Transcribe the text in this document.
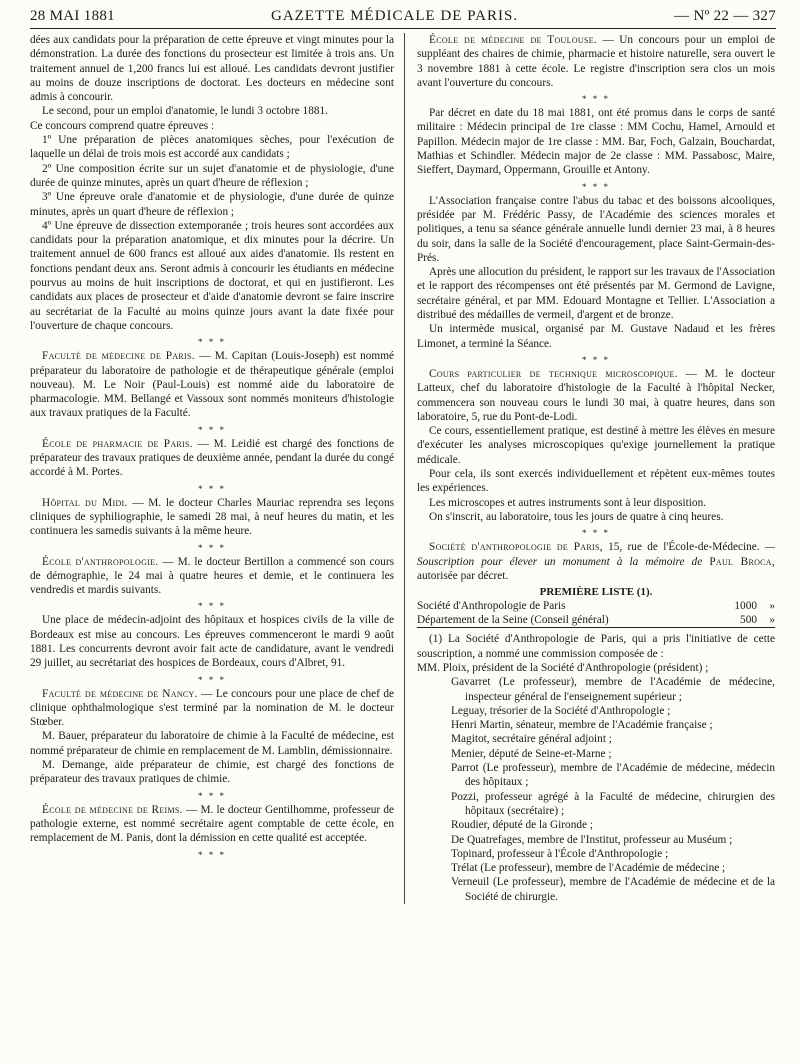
28 MAI 1881	GAZETTE MÉDICALE DE PARIS.	— Nº 22 — 327

dées aux candidats pour la préparation de cette épreuve et vingt minutes pour la démonstration. La durée des fonctions du prosecteur est limitée à trois ans. Un traitement annuel de 1,200 francs lui est alloué. Les candidats devront justifier au moins de douze inscriptions de doctorat. Les docteurs en médecine sont admis à concourir.

Le second, pour un emploi d'anatomie, le lundi 3 octobre 1881.

Ce concours comprend quatre épreuves :

1º Une préparation de pièces anatomiques sèches, pour l'exécution de laquelle un délai de trois mois est accordé aux candidats ;

2º Une composition écrite sur un sujet d'anatomie et de physiologie, d'une durée de quinze minutes, après un quart d'heure de réflexion ;

3º Une épreuve orale d'anatomie et de physiologie, d'une durée de quinze minutes, après un quart d'heure de réflexion ;

4º Une épreuve de dissection extemporanée ; trois heures sont accordées aux candidats pour la préparation anatomique, et dix minutes pour la décrire. Un traitement annuel de 600 francs est alloué aux aides d'anatomie. Ils restent en fonctions pendant deux ans. Seront admis à concourir les étudiants en médecine pourvus au moins de huit inscriptions de doctorat, et qui en justifieront. Les candidats aux places de prosecteur et d'aide d'anatomie devront se faire inscrire au secrétariat de la Faculté au moins quinze jours avant la date fixée pour l'ouverture de chaque concours.

* * *

Faculté de médecine de Paris. — M. Capitan (Louis-Joseph) est nommé préparateur du laboratoire de pathologie et de thérapeutique générale (emploi nouveau). M. Le Noir (Paul-Louis) est nommé aide du laboratoire de pharmacologie. MM. Bellangé et Vassoux sont nommés moniteurs d'histologie aux travaux pratiques de la Faculté.

* * *

École de pharmacie de Paris. — M. Leidié est chargé des fonctions de préparateur des travaux pratiques de deuxième année, pendant la durée du congé accordé à M. Portes.

* * *

Hôpital du Midi. — M. le docteur Charles Mauriac reprendra ses leçons cliniques de syphiliographie, le samedi 28 mai, à neuf heures du matin, et les continuera les samedis suivants à la même heure.

* * *

École d'anthropologie. — M. le docteur Bertillon a commencé son cours de démographie, le 24 mai à quatre heures et demie, et le continuera les vendredis et mardis suivants.

* * *

Une place de médecin-adjoint des hôpitaux et hospices civils de la ville de Bordeaux est mise au concours. Les épreuves commenceront le mardi 9 août 1881. Les concurrents devront avoir fait acte de candidature, avant le vendredi 29 juillet, au secrétariat des hospices de Bordeaux, cours d'Albret, 91.

* * *

Faculté de médecine de Nancy. — Le concours pour une place de chef de clinique ophthalmologique s'est terminé par la nomination de M. le docteur Stœber.

M. Bauer, préparateur du laboratoire de chimie à la Faculté de médecine, est nommé préparateur de chimie en remplacement de M. Lamblin, démissionnaire.

M. Demange, aide préparateur de chimie, est chargé des fonctions de préparateur des travaux pratiques de chimie.

* * *

École de médecine de Reims. — M. le docteur Gentilhomme, professeur de pathologie externe, est nommé secrétaire agent comptable de cette école, en remplacement de M. Panis, dont la démission en cette qualité est acceptée.

* * *

École de médecine de Toulouse. — Un concours pour un emploi de suppléant des chaires de chimie, pharmacie et histoire naturelle, sera ouvert le 3 novembre 1881 à cette école. Le registre d'inscription sera clos un mois avant l'ouverture du concours.

* * *

Par décret en date du 18 mai 1881, ont été promus dans le corps de santé militaire : Médecin principal de 1re classe : MM Cochu, Hamel, Arnould et Papillon. Médecin major de 1re classe : MM. Bar, Foch, Galzain, Bouchardat, Mathias et Schindler. Médecin major de 2e classe : MM. Passabosc, Maire, Sieffert, Daymard, Oppermann, Grouille et Antony.

* * *

L'Association française contre l'abus du tabac et des boissons alcooliques, présidée par M. Frédéric Passy, de l'Académie des sciences morales et politiques, a tenu sa séance générale annuelle lundi dernier 23 mai, à 8 heures du soir, dans la salle de la Société d'encouragement, place Saint-Germain-des-Prés.

Après une allocution du président, le rapport sur les travaux de l'Association et le rapport des récompenses ont été présentés par M. Germond de Lavigne, secrétaire général, et par MM. Edouard Montagne et Tellier. L'Association a distribué des médailles de vermeil, d'argent et de bronze.

Un intermède musical, organisé par M. Gustave Nadaud et les frères Limonet, a terminé la Séance.

* * *

Cours particulier de technique microscopique. — M. le docteur Latteux, chef du laboratoire d'histologie de la Faculté à l'hôpital Necker, commencera son nouveau cours le lundi 30 mai, à quatre heures, dans son laboratoire, 5, rue du Pont-de-Lodi.

Ce cours, essentiellement pratique, est destiné à mettre les élèves en mesure d'exécuter les analyses microscopiques qu'exige journellement la pratique médicale.

Pour cela, ils sont exercés individuellement et répètent eux-mêmes toutes les expériences.

Les microscopes et autres instruments sont à leur disposition.

On s'inscrit, au laboratoire, tous les jours de quatre à cinq heures.

* * *

Société d'anthropologie de Paris, 15, rue de l'École-de-Médecine. — Souscription pour élever un monument à la mémoire de Paul Broca, autorisée par décret.

PREMIÈRE LISTE (1).
Société d'Anthropologie de Paris	1000	»
Département de la Seine (Conseil général)	500	»

(1) La Société d'Anthropologie de Paris, qui a pris l'initiative de cette souscription, a nommé une commission composée de :

MM. Ploix, président de la Société d'Anthropologie (président) ;
Gavarret (Le professeur), membre de l'Académie de médecine, inspecteur général de l'enseignement supérieur ;
Leguay, trésorier de la Société d'Anthropologie ;
Henri Martin, sénateur, membre de l'Académie française ;
Magitot, secrétaire général adjoint ;
Menier, député de Seine-et-Marne ;
Parrot (Le professeur), membre de l'Académie de médecine, médecin des hôpitaux ;
Pozzi, professeur agrégé à la Faculté de médecine, chirurgien des hôpitaux (secrétaire) ;
Roudier, député de la Gironde ;
De Quatrefages, membre de l'Institut, professeur au Muséum ;
Topinard, professeur à l'École d'Anthropologie ;
Trélat (Le professeur), membre de l'Académie de médecine ;
Verneuil (Le professeur), membre de l'Académie de médecine et de la Société de chirurgie.
